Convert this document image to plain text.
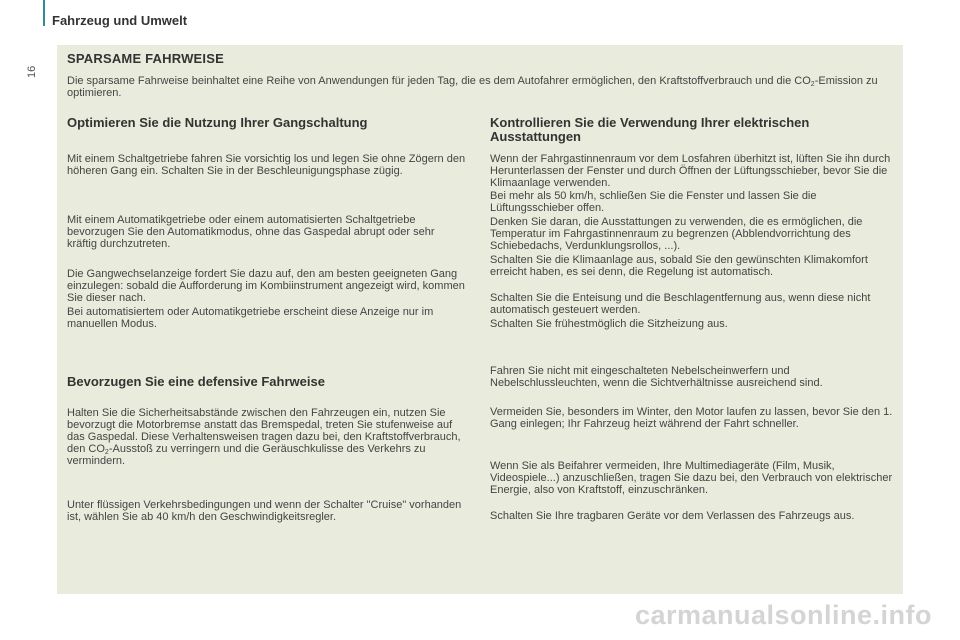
Fahrzeug und Umwelt
16
SPARSAME FAHRWEISE
Die sparsame Fahrweise beinhaltet eine Reihe von Anwendungen für jeden Tag, die es dem Autofahrer ermöglichen, den Kraftstoffverbrauch und die $CO_2$-Emission zu optimieren.
Optimieren Sie die Nutzung Ihrer Gangschaltung

Mit einem Schaltgetriebe fahren Sie vorsichtig los und legen Sie ohne Zögern den höheren Gang ein. Schalten Sie in der Beschleunigungsphase zügig.

Mit einem Automatikgetriebe oder einem automatisierten Schaltgetriebe bevorzugen Sie den Automatikmodus, ohne das Gaspedal abrupt oder sehr kräftig durchzutreten.

Die Gangwechselanzeige fordert Sie dazu auf, den am besten geeigneten Gang einzulegen: sobald die Aufforderung im Kombiinstrument angezeigt wird, kommen Sie dieser nach.

Bei automatisiertem oder Automatikgetriebe erscheint diese Anzeige nur im manuellen Modus.

Bevorzugen Sie eine defensive Fahrweise

Halten Sie die Sicherheitsabstände zwischen den Fahrzeugen ein, nutzen Sie bevorzugt die Motorbremse anstatt das Bremspedal, treten Sie stufenweise auf das Gaspedal. Diese Verhaltensweisen tragen dazu bei, den Kraftstoffverbrauch, den $CO_2$-Ausstoß zu verringern und die Geräuschkulisse des Verkehrs zu vermindern.

Unter flüssigen Verkehrsbedingungen und wenn der Schalter "Cruise" vorhanden ist, wählen Sie ab 40 km/h den Geschwindigkeitsregler.

Kontrollieren Sie die Verwendung Ihrer elektrischen Ausstattungen

Wenn der Fahrgastinnenraum vor dem Losfahren überhitzt ist, lüften Sie ihn durch Herunterlassen der Fenster und durch Öffnen der Lüftungsschieber, bevor Sie die Klimaanlage verwenden.

Bei mehr als 50 km/h, schließen Sie die Fenster und lassen Sie die Lüftungsschieber offen.

Denken Sie daran, die Ausstattungen zu verwenden, die es ermöglichen, die Temperatur im Fahrgastinnenraum zu begrenzen (Abblendvorrichtung des Schiebedachs, Verdunklungsrollos, ...).

Schalten Sie die Klimaanlage aus, sobald Sie den gewünschten Klimakomfort erreicht haben, es sei denn, die Regelung ist automatisch.

Schalten Sie die Enteisung und die Beschlagentfernung aus, wenn diese nicht automatisch gesteuert werden.

Schalten Sie frühestmöglich die Sitzheizung aus.

Fahren Sie nicht mit eingeschalteten Nebelscheinwerfern und Nebelschlussleuchten, wenn die Sichtverhältnisse ausreichend sind.

Vermeiden Sie, besonders im Winter, den Motor laufen zu lassen, bevor Sie den 1. Gang einlegen; Ihr Fahrzeug heizt während der Fahrt schneller.

Wenn Sie als Beifahrer vermeiden, Ihre Multimediageräte (Film, Musik, Videospiele...) anzuschließen, tragen Sie dazu bei, den Verbrauch von elektrischer Energie, also von Kraftstoff, einzuschränken.

Schalten Sie Ihre tragbaren Geräte vor dem Verlassen des Fahrzeugs aus.

carmanualsonline.info
